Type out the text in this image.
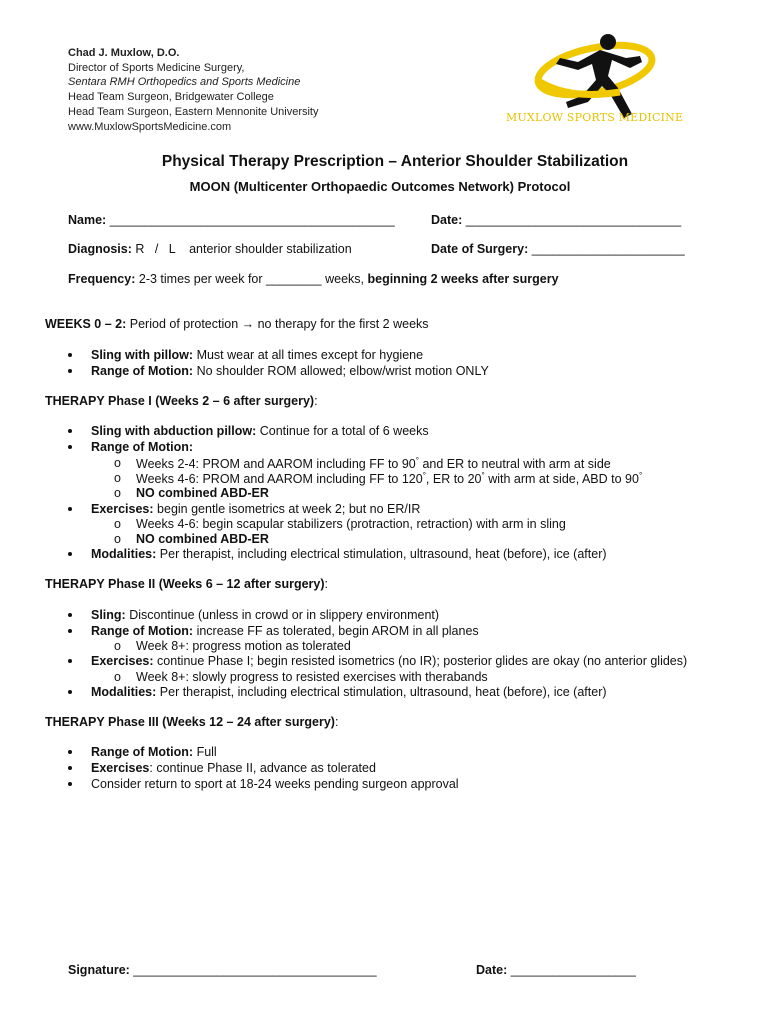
Chad J. Muxlow, D.O.
Director of Sports Medicine Surgery,
Sentara RMH Orthopedics and Sports Medicine
Head Team Surgeon, Bridgewater College
Head Team Surgeon, Eastern Mennonite University
www.MuxlowSportsMedicine.com
MUXLOW SPORTS MEDICINE
Physical Therapy Prescription – Anterior Shoulder Stabilization
MOON (Multicenter Orthopaedic Outcomes Network) Protocol
Name: _________________________________________	Date: _______________________________
Diagnosis: R   /   L    anterior shoulder stabilization	Date of Surgery: ______________________
Frequency: 2-3 times per week for ________ weeks, beginning 2 weeks after surgery
WEEKS 0 – 2: Period of protection → no therapy for the first 2 weeks
Sling with pillow: Must wear at all times except for hygiene
Range of Motion: No shoulder ROM allowed; elbow/wrist motion ONLY
THERAPY Phase I (Weeks 2 – 6 after surgery):
Sling with abduction pillow: Continue for a total of 6 weeks
Range of Motion:
o Weeks 2-4: PROM and AAROM including FF to 90° and ER to neutral with arm at side
o Weeks 4-6: PROM and AAROM including FF to 120°, ER to 20° with arm at side, ABD to 90°
o NO combined ABD-ER
Exercises: begin gentle isometrics at week 2; but no ER/IR
o Weeks 4-6: begin scapular stabilizers (protraction, retraction) with arm in sling
o NO combined ABD-ER
Modalities: Per therapist, including electrical stimulation, ultrasound, heat (before), ice (after)
THERAPY Phase II (Weeks 6 – 12 after surgery):
Sling: Discontinue (unless in crowd or in slippery environment)
Range of Motion: increase FF as tolerated, begin AROM in all planes
o Week 8+: progress motion as tolerated
Exercises: continue Phase I; begin resisted isometrics (no IR); posterior glides are okay (no anterior glides)
o Week 8+: slowly progress to resisted exercises with therabands
Modalities: Per therapist, including electrical stimulation, ultrasound, heat (before), ice (after)
THERAPY Phase III (Weeks 12 – 24 after surgery):
Range of Motion: Full
Exercises: continue Phase II, advance as tolerated
Consider return to sport at 18-24 weeks pending surgeon approval
Signature: ___________________________________	Date: __________________
